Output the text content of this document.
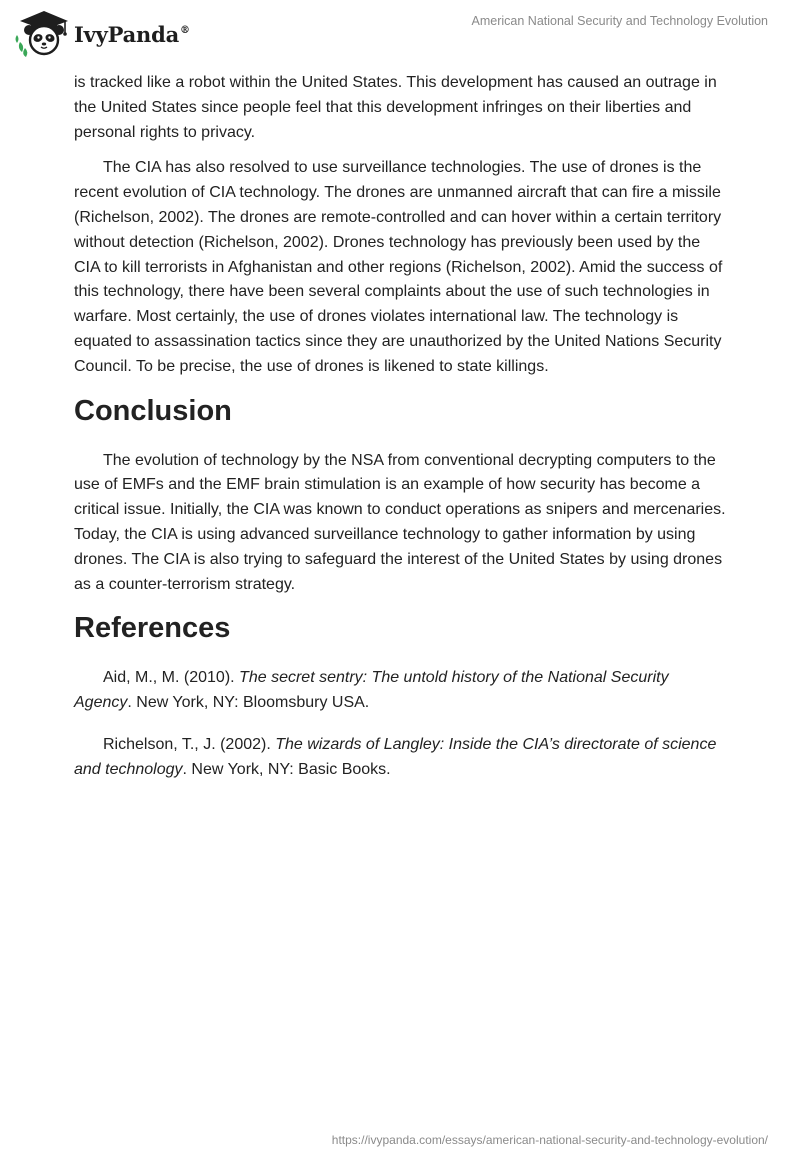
IvyPanda®
American National Security and Technology Evolution

is tracked like a robot within the United States. This development has caused an outrage in the United States since people feel that this development infringes on their liberties and personal rights to privacy.

The CIA has also resolved to use surveillance technologies. The use of drones is the recent evolution of CIA technology. The drones are unmanned aircraft that can fire a missile (Richelson, 2002). The drones are remote-controlled and can hover within a certain territory without detection (Richelson, 2002). Drones technology has previously been used by the CIA to kill terrorists in Afghanistan and other regions (Richelson, 2002). Amid the success of this technology, there have been several complaints about the use of such technologies in warfare. Most certainly, the use of drones violates international law. The technology is equated to assassination tactics since they are unauthorized by the United Nations Security Council. To be precise, the use of drones is likened to state killings.

Conclusion

The evolution of technology by the NSA from conventional decrypting computers to the use of EMFs and the EMF brain stimulation is an example of how security has become a critical issue. Initially, the CIA was known to conduct operations as snipers and mercenaries. Today, the CIA is using advanced surveillance technology to gather information by using drones. The CIA is also trying to safeguard the interest of the United States by using drones as a counter-terrorism strategy.

References

Aid, M., M. (2010). The secret sentry: The untold history of the National Security Agency. New York, NY: Bloomsbury USA.

Richelson, T., J. (2002). The wizards of Langley: Inside the CIA’s directorate of science and technology. New York, NY: Basic Books.

https://ivypanda.com/essays/american-national-security-and-technology-evolution/
